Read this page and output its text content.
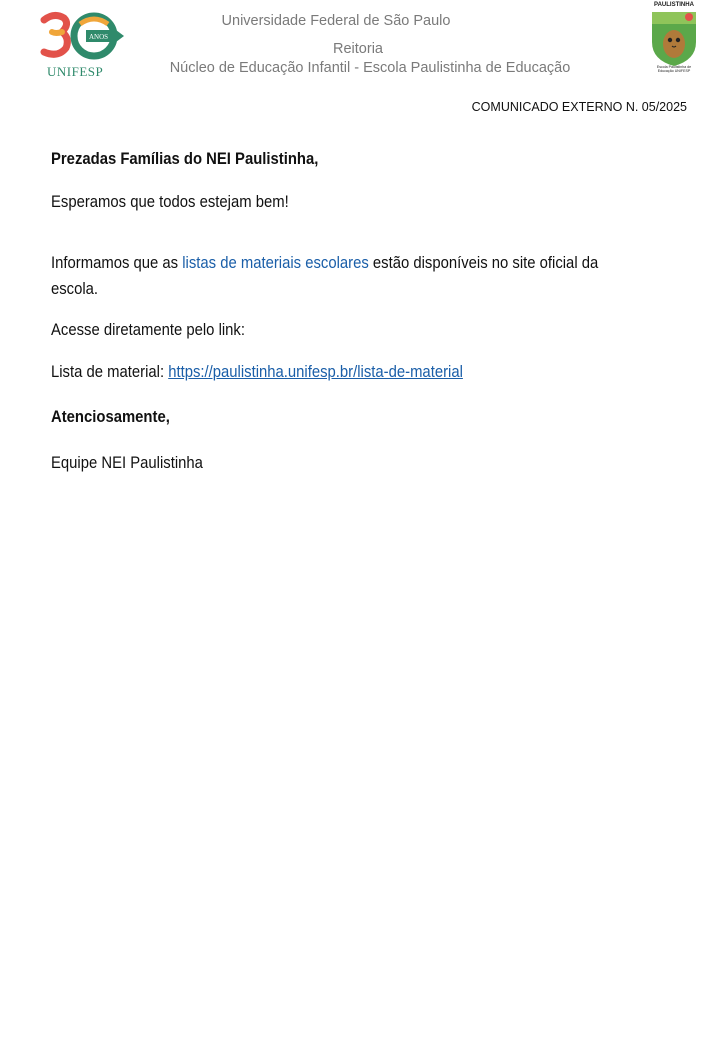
ANOS
UNIFESP
Universidade Federal de São Paulo
Reitoria
Núcleo de Educação Infantil - Escola Paulistinha de Educação
PAULISTINHA
Escola Paulistinha de Educação UNIFESP
COMUNICADO EXTERNO N. 05/2025
Prezadas Famílias do NEI Paulistinha,
Esperamos que todos estejam bem!
Informamos que as listas de materiais escolares estão disponíveis no site oficial da escola.
Acesse diretamente pelo link:
Lista de material: https://paulistinha.unifesp.br/lista-de-material
Atenciosamente,
Equipe NEI Paulistinha
